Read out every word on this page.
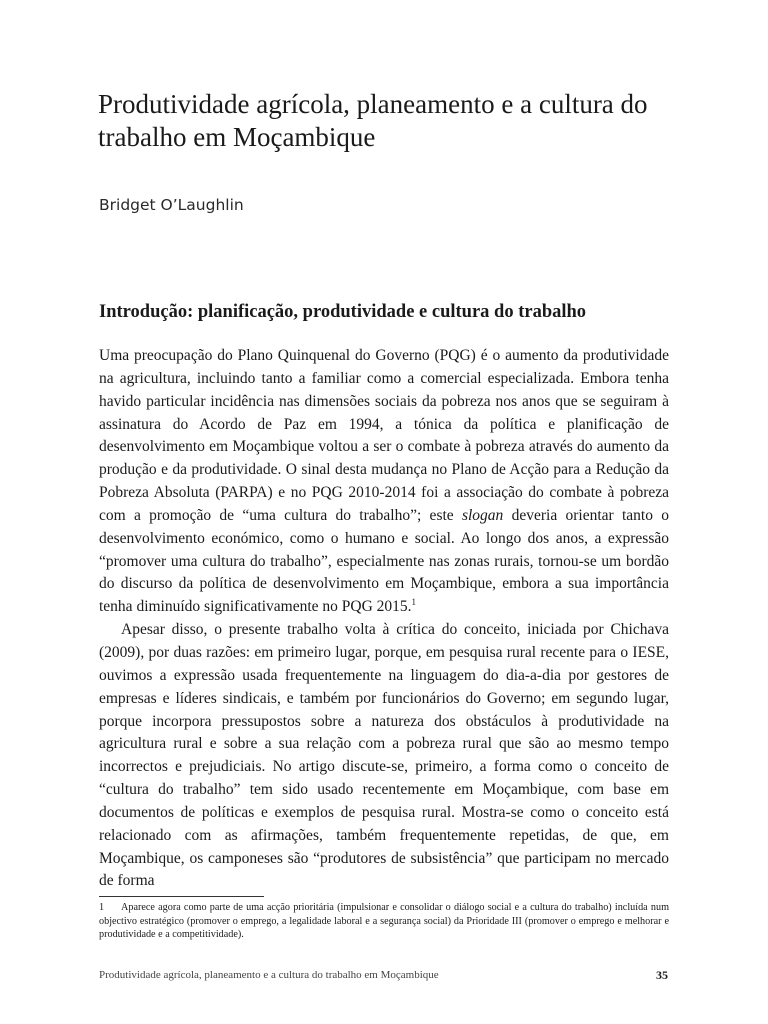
Produtividade agrícola, planeamento e a cultura do trabalho em Moçambique

Bridget O’Laughlin

Introdução: planificação, produtividade e cultura do trabalho

Uma preocupação do Plano Quinquenal do Governo (PQG) é o aumento da produtividade na agricultura, incluindo tanto a familiar como a comercial especializada. Embora tenha havido particular incidência nas dimensões sociais da pobreza nos anos que se seguiram à assinatura do Acordo de Paz em 1994, a tónica da política e planificação de desenvolvimento em Moçambique voltou a ser o combate à pobreza através do aumento da produção e da produtividade. O sinal desta mudança no Plano de Acção para a Redução da Pobreza Absoluta (PARPA) e no PQG 2010-2014 foi a associação do combate à pobreza com a promoção de “uma cultura do trabalho”; este slogan deveria orientar tanto o desenvolvimento económico, como o humano e social. Ao longo dos anos, a expressão “promover uma cultura do trabalho”, especialmente nas zonas rurais, tornou-se um bordão do discurso da política de desenvolvimento em Moçambique, embora a sua importância tenha diminuído significativamente no PQG 2015.$^1$

Apesar disso, o presente trabalho volta à crítica do conceito, iniciada por Chichava (2009), por duas razões: em primeiro lugar, porque, em pesquisa rural recente para o IESE, ouvimos a expressão usada frequentemente na linguagem do dia-a-dia por gestores de empresas e líderes sindicais, e também por funcionários do Governo; em segundo lugar, porque incorpora pressupostos sobre a natureza dos obstáculos à produtividade na agricultura rural e sobre a sua relação com a pobreza rural que são ao mesmo tempo incorrectos e prejudiciais. No artigo discute-se, primeiro, a forma como o conceito de “cultura do trabalho” tem sido usado recentemente em Moçambique, com base em documentos de políticas e exemplos de pesquisa rural. Mostra-se como o conceito está relacionado com as afirmações, também frequentemente repetidas, de que, em Moçambique, os camponeses são “produtores de subsistência” que participam no mercado de forma

1 Aparece agora como parte de uma acção prioritária (impulsionar e consolidar o diálogo social e a cultura do trabalho) incluída num objectivo estratégico (promover o emprego, a legalidade laboral e a segurança social) da Prioridade III (promover o emprego e melhorar e produtividade e a competitividade).
Produtividade agrícola, planeamento e a cultura do trabalho em Moçambique	35
